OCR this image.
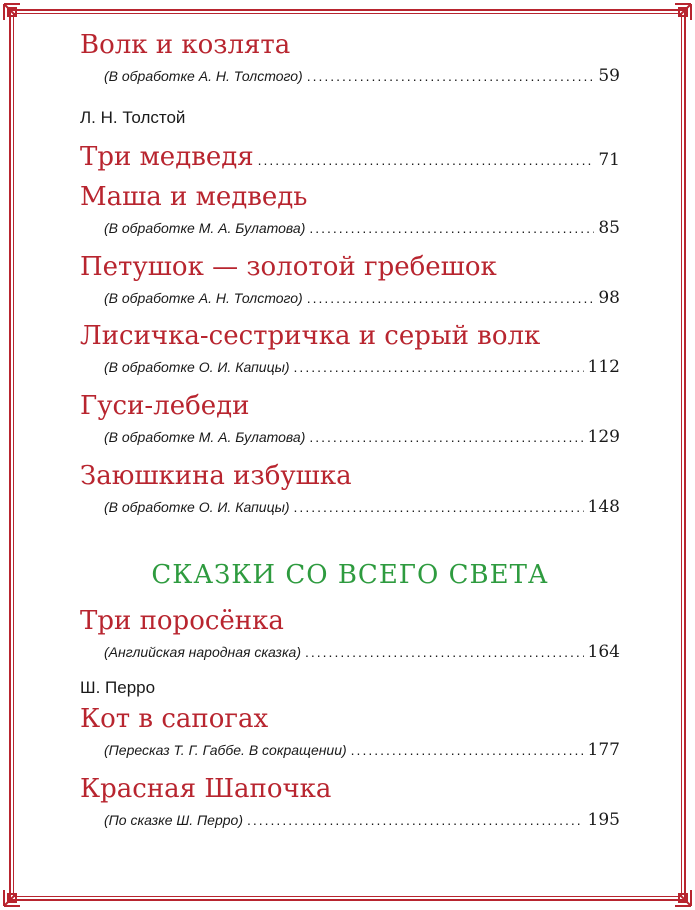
Волк и козлята
(В обработке А. Н. Толстого) .....	59
Л. Н. Толстой
Три медведя .....	71
Маша и медведь
(В обработке М. А. Булатова) .....	85
Петушок — золотой гребешок
(В обработке А. Н. Толстого) .....	98
Лисичка-сестричка и серый волк
(В обработке О. И. Капицы) .....	112
Гуси-лебеди
(В обработке М. А. Булатова) .....	129
Заюшкина избушка
(В обработке О. И. Капицы) .....	148
СКАЗКИ СО ВСЕГО СВЕТА
Три поросёнка
(Английская народная сказка) .....	164
Ш. Перро
Кот в сапогах
(Пересказ Т. Г. Габбе. В сокращении) .....	177
Красная Шапочка
(По сказке Ш. Перро) .....	195
